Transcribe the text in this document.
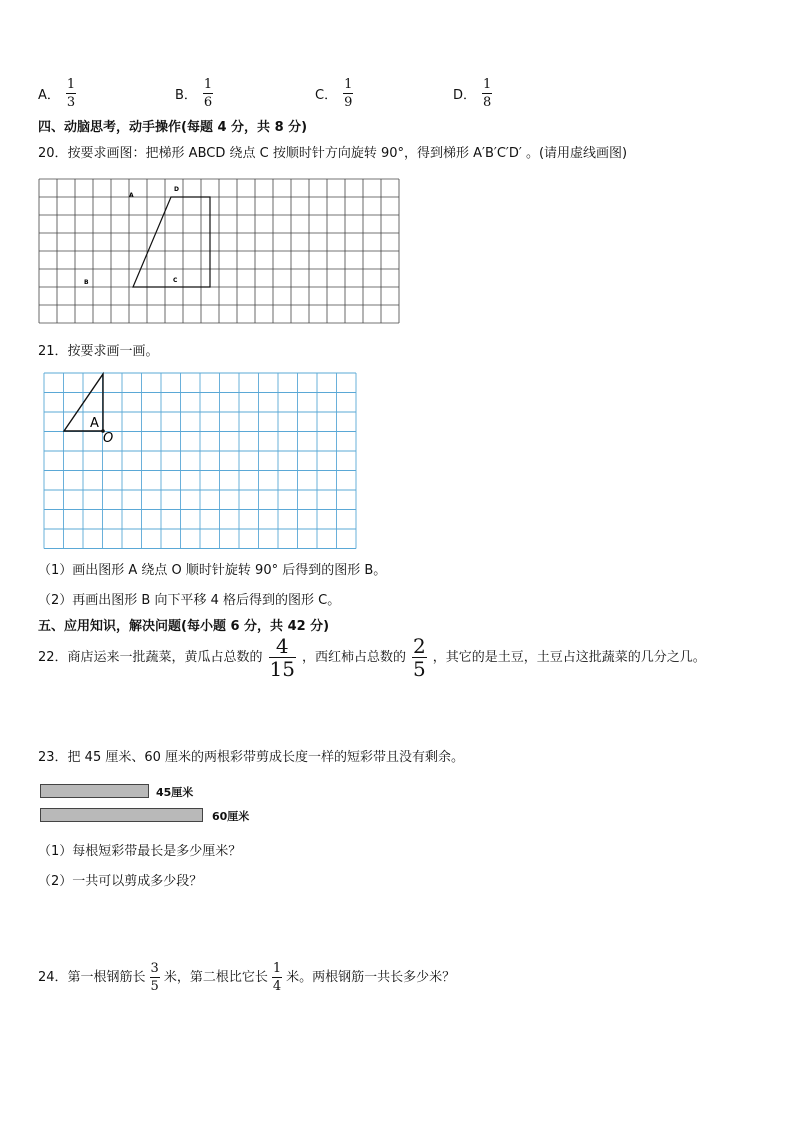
A． $\frac{1}{3}$	B． $\frac{1}{6}$	C． $\frac{1}{9}$	D． $\frac{1}{8}$
四、动脑思考，动手操作(每题 4 分，共 8 分)
20．按要求画图：把梯形 ABCD 绕点 C 按顺时针方向旋转 90°，得到梯形 A′B′C′D′ 。(请用虚线画图)
A
D
B	C
21．按要求画一画。
A
O
（1）画出图形 A 绕点 O 顺时针旋转 90° 后得到的图形 B。
（2）再画出图形 B 向下平移 4 格后得到的图形 C。
五、应用知识，解决问题(每小题 6 分，共 42 分)
22．商店运来一批蔬菜，黄瓜占总数的 $\frac{4}{15}$ ，西红柿占总数的 $\frac{2}{5}$ ，其它的是土豆，土豆占这批蔬菜的几分之几。
23．把 45 厘米、60 厘米的两根彩带剪成长度一样的短彩带且没有剩余。
45厘米
60厘米
（1）每根短彩带最长是多少厘米？
（2）一共可以剪成多少段？
24．第一根钢筋长 $\frac{3}{5}$ 米，第二根比它长 $\frac{1}{4}$ 米。两根钢筋一共长多少米？
